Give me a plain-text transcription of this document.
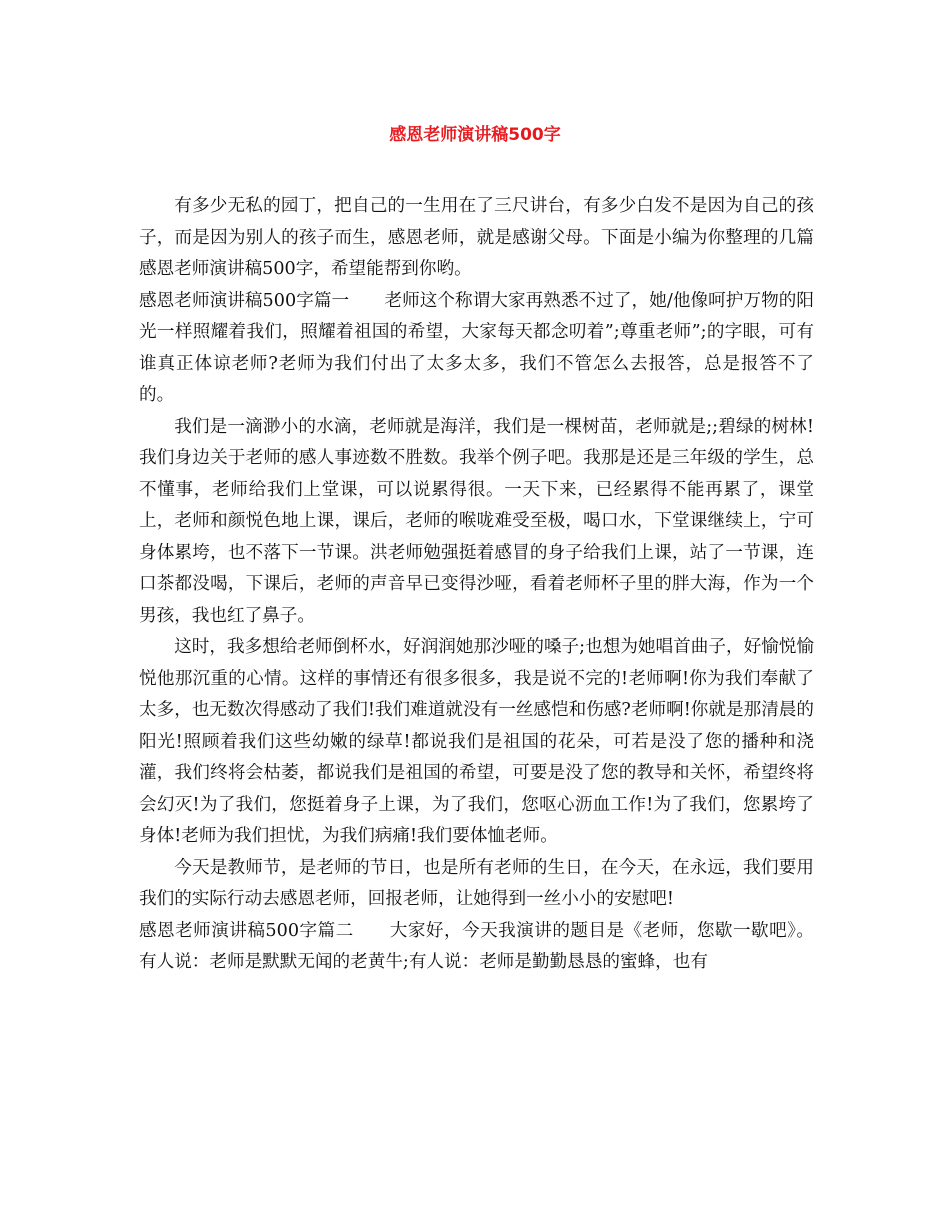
感恩老师演讲稿500字

有多少无私的园丁，把自己的一生用在了三尺讲台，有多少白发不是因为自己的孩子，而是因为别人的孩子而生，感恩老师，就是感谢父母。下面是小编为你整理的几篇感恩老师演讲稿500字，希望能帮到你哟。

感恩老师演讲稿500字篇一　　老师这个称谓大家再熟悉不过了，她/他像呵护万物的阳光一样照耀着我们，照耀着祖国的希望，大家每天都念叨着”;尊重老师”;的字眼，可有谁真正体谅老师?老师为我们付出了太多太多，我们不管怎么去报答，总是报答不了的。

我们是一滴渺小的水滴，老师就是海洋，我们是一棵树苗，老师就是;;碧绿的树林!我们身边关于老师的感人事迹数不胜数。我举个例子吧。我那是还是三年级的学生，总不懂事，老师给我们上堂课，可以说累得很。一天下来，已经累得不能再累了，课堂上，老师和颜悦色地上课，课后，老师的喉咙难受至极，喝口水，下堂课继续上，宁可身体累垮，也不落下一节课。洪老师勉强挺着感冒的身子给我们上课，站了一节课，连口茶都没喝，下课后，老师的声音早已变得沙哑，看着老师杯子里的胖大海，作为一个男孩，我也红了鼻子。

这时，我多想给老师倒杯水，好润润她那沙哑的嗓子;也想为她唱首曲子，好愉悦愉悦他那沉重的心情。这样的事情还有很多很多，我是说不完的!老师啊!你为我们奉献了太多，也无数次得感动了我们!我们难道就没有一丝感恺和伤感?老师啊!你就是那清晨的阳光!照顾着我们这些幼嫩的绿草!都说我们是祖国的花朵，可若是没了您的播种和浇灌，我们终将会枯萎，都说我们是祖国的希望，可要是没了您的教导和关怀，希望终将会幻灭!为了我们，您挺着身子上课，为了我们，您呕心沥血工作!为了我们，您累垮了身体!老师为我们担忧，为我们病痛!我们要体恤老师。

今天是教师节，是老师的节日，也是所有老师的生日，在今天，在永远，我们要用我们的实际行动去感恩老师，回报老师，让她得到一丝小小的安慰吧!

感恩老师演讲稿500字篇二　　大家好，今天我演讲的题目是《老师，您歇一歇吧》。有人说：老师是默默无闻的老黄牛;有人说：老师是勤勤恳恳的蜜蜂，也有
